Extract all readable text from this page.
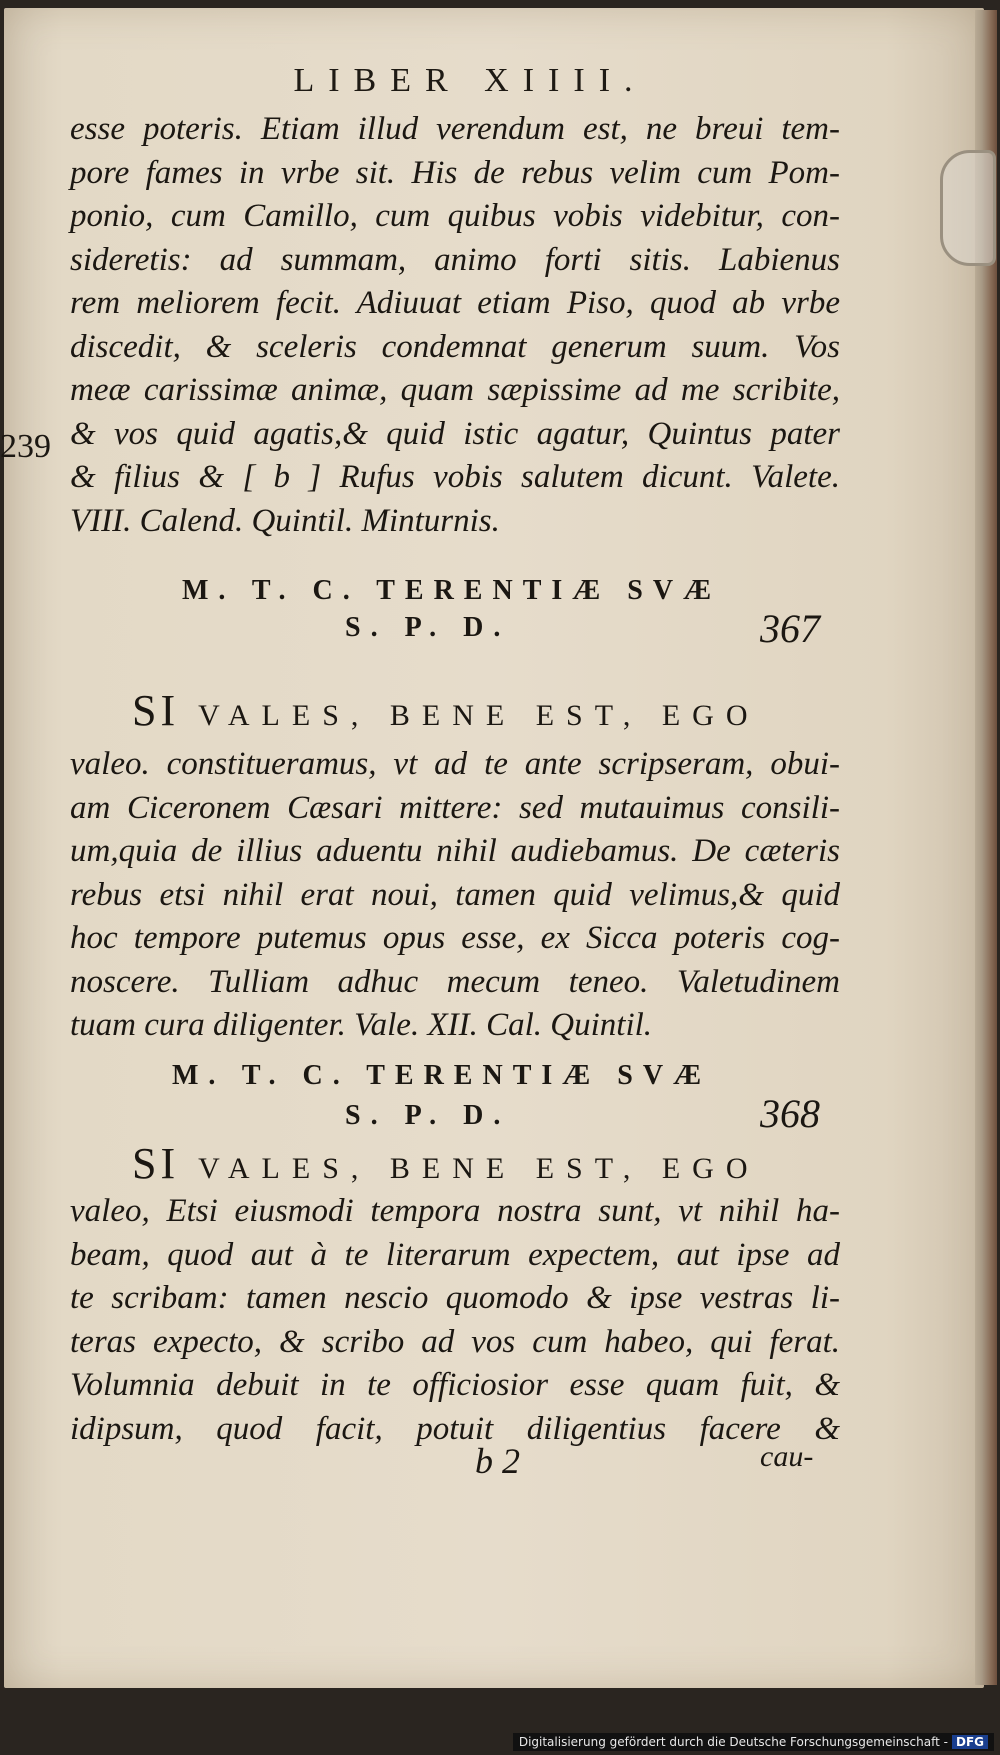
LIBER XIIII.
239
esse poteris. Etiam illud verendum est, ne breui tem-
pore fames in vrbe sit. His de rebus velim cum Pom-
ponio, cum Camillo, cum quibus vobis videbitur, con-
sideretis: ad summam, animo forti sitis. Labienus
rem meliorem fecit. Adiuuat etiam Piso, quod ab vrbe
discedit, & sceleris condemnat generum suum. Vos
meæ carissimæ animæ, quam sæpissime ad me scribite,
& vos quid agatis,& quid istic agatur, Quintus pater
& filius & [ b ] Rufus vobis salutem dicunt. Valete.
VIII. Calend. Quintil. Minturnis.
M. T. C. TERENTIÆ SVÆ
S. P. D.	367
SI VALES, BENE EST, EGO
valeo. constitueramus, vt ad te ante scripseram, obui-
am Ciceronem Cæsari mittere: sed mutauimus consili-
um,quia de illius aduentu nihil audiebamus. De cæteris
rebus etsi nihil erat noui, tamen quid velimus,& quid
hoc tempore putemus opus esse, ex Sicca poteris cog-
noscere. Tulliam adhuc mecum teneo. Valetudinem
tuam cura diligenter. Vale. XII. Cal. Quintil.
M. T. C. TERENTIÆ SVÆ
S. P. D.	368
SI VALES, BENE EST, EGO
valeo, Etsi eiusmodi tempora nostra sunt, vt nihil ha-
beam, quod aut à te literarum expectem, aut ipse ad
te scribam: tamen nescio quomodo & ipse vestras li-
teras expecto, & scribo ad vos cum habeo, qui ferat.
Volumnia debuit in te officiosior esse quam fuit, &
idipsum, quod facit, potuit diligentius facere &
b 2	cau-
Digitalisierung gefördert durch die Deutsche Forschungsgemeinschaft - DFG
